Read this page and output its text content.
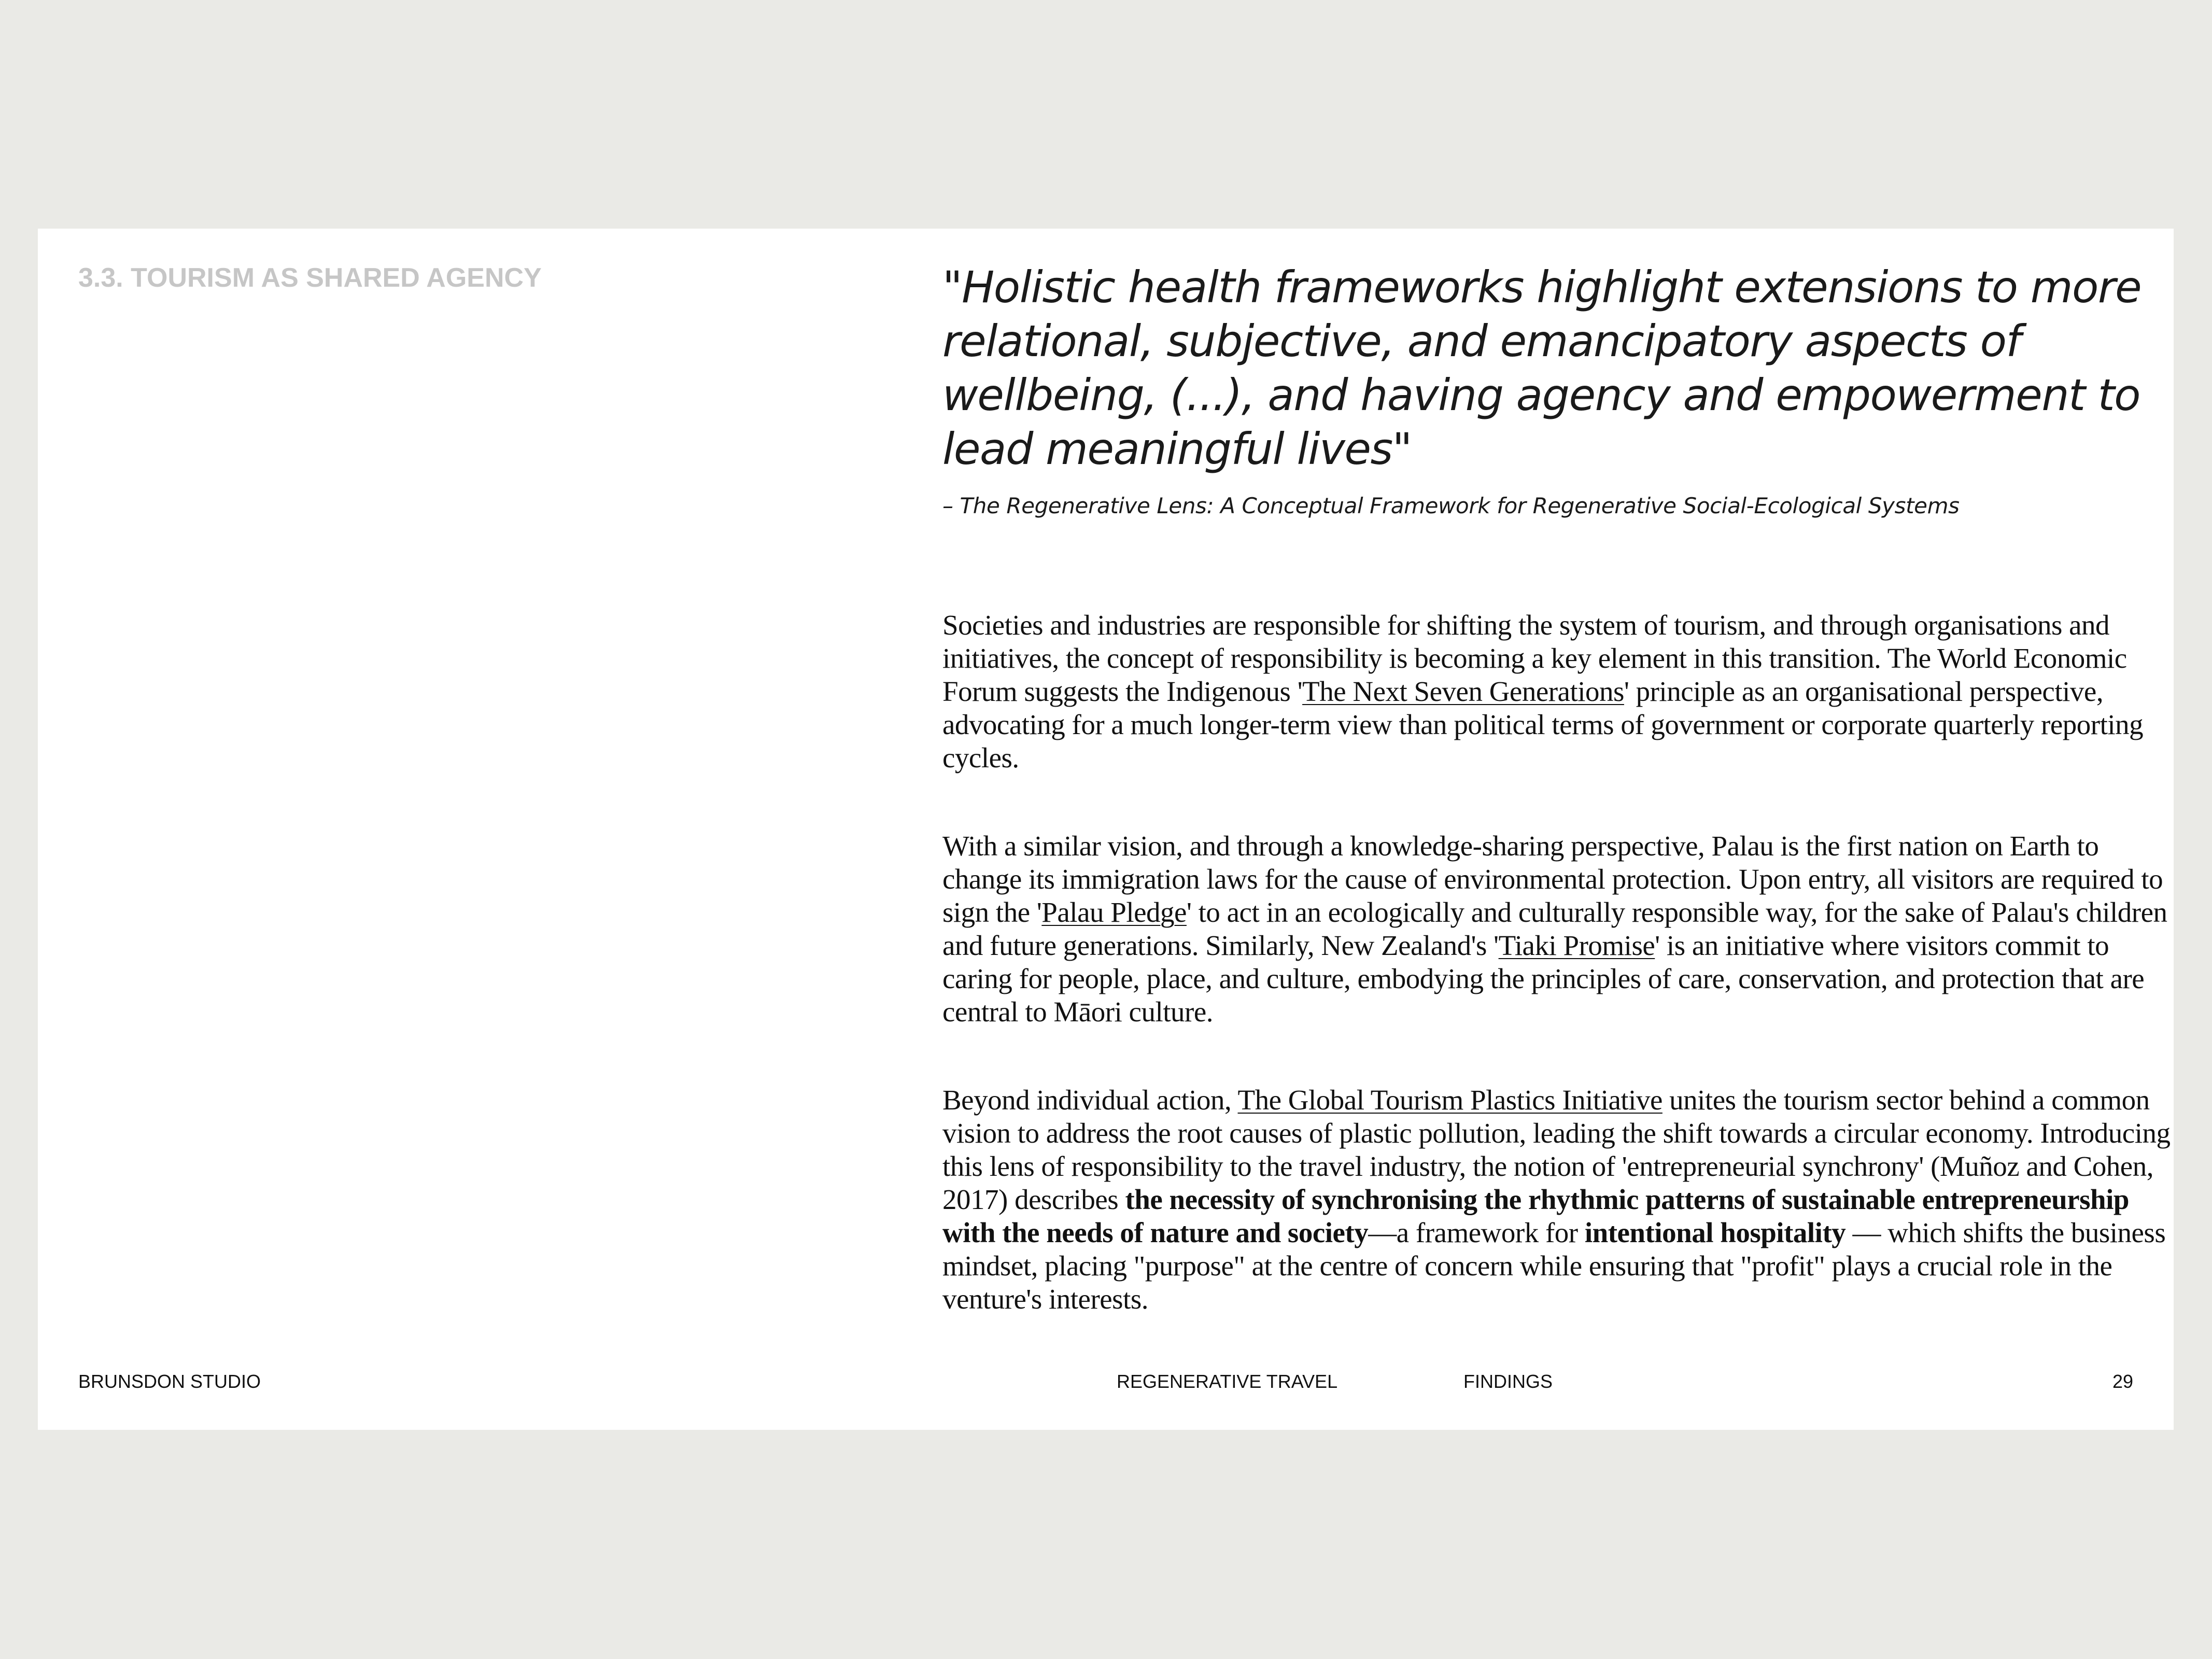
3.3. TOURISM AS SHARED AGENCY	"Holistic health frameworks highlight extensions to more relational, subjective, and emancipatory aspects of wellbeing, (...), and having agency and empowerment to lead meaningful lives"

– The Regenerative Lens: A Conceptual Framework for Regenerative Social-Ecological Systems

Societies and industries are responsible for shifting the system of tourism, and through organisations and initiatives, the concept of responsibility is becoming a key element in this transition. The World Economic Forum suggests the Indigenous 'The Next Seven Generations' principle as an organisational perspective, advocating for a much longer-term view than political terms of government or corporate quarterly reporting cycles.

With a similar vision, and through a knowledge-sharing perspective, Palau is the first nation on Earth to change its immigration laws for the cause of environmental protection. Upon entry, all visitors are required to sign the 'Palau Pledge' to act in an ecologically and culturally responsible way, for the sake of Palau's children and future generations. Similarly, New Zealand's 'Tiaki Promise' is an initiative where visitors commit to caring for people, place, and culture, embodying the principles of care, conservation, and protection that are central to Māori culture.

Beyond individual action, The Global Tourism Plastics Initiative unites the tourism sector behind a common vision to address the root causes of plastic pollution, leading the shift towards a circular economy. Introducing this lens of responsibility to the travel industry, the notion of 'entrepreneurial synchrony' (Muñoz and Cohen, 2017) describes the necessity of synchronising the rhythmic patterns of sustainable entrepreneurship with the needs of nature and society—a framework for intentional hospitality — which shifts the business mindset, placing "purpose" at the centre of concern while ensuring that "profit" plays a crucial role in the venture's interests.

BRUNSDON STUDIO	REGENERATIVE TRAVEL	FINDINGS	29
